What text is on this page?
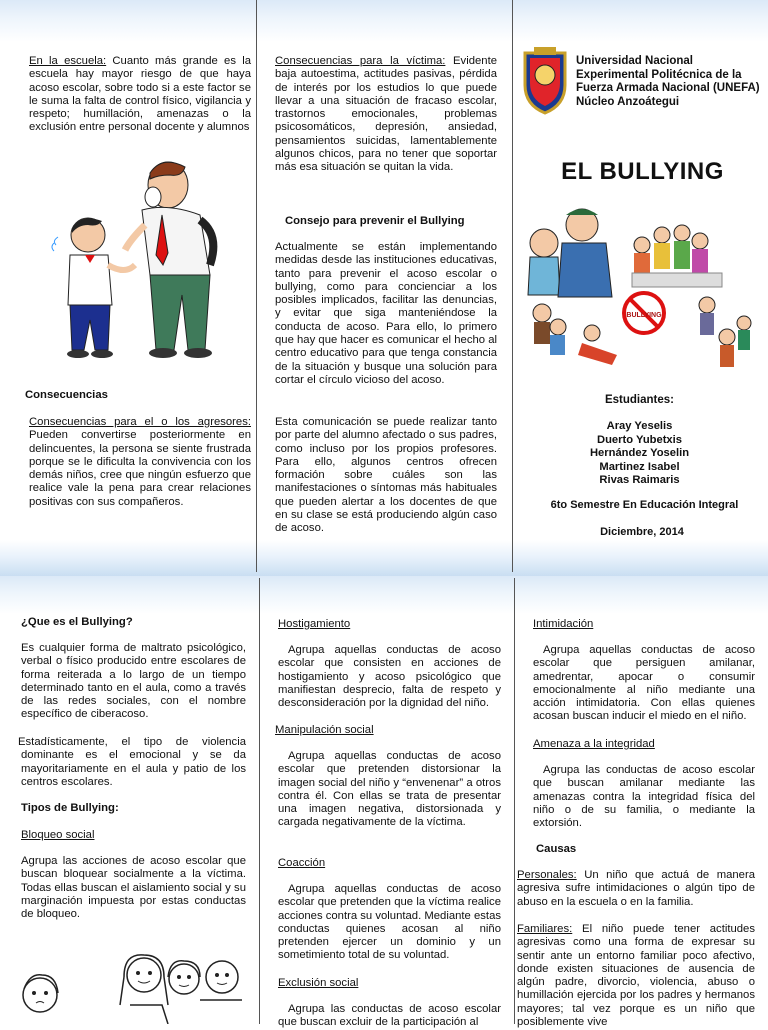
En la escuela: Cuanto más grande es la escuela hay mayor riesgo de que haya acoso escolar, sobre todo si a este factor se le suma la falta de control físico, vigilancia y respeto; humillación, amenazas o la exclusión entre personal docente y alumnos
Consecuencias
Consecuencias para el o los agresores: Pueden convertirse posteriormente en delincuentes, la persona se siente frustrada porque se le dificulta la convivencia con los demás niños, cree que ningún esfuerzo que realice vale la pena para crear relaciones positivas con sus compañeros.
Consecuencias para la víctima: Evidente baja autoestima, actitudes pasivas, pérdida de interés por los estudios lo que puede llevar a una situación de fracaso escolar, trastornos emocionales, problemas psicosomáticos, depresión, ansiedad, pensamientos suicidas, lamentablemente algunos chicos, para no tener que soportar más esa situación se quitan la vida.
Consejo para prevenir el Bullying
Actualmente se están implementando medidas desde las instituciones educativas, tanto para prevenir el acoso escolar o bullying, como para concienciar a los posibles implicados, facilitar las denuncias, y evitar que siga manteniéndose la conducta de acoso. Para ello, lo primero que hay que hacer es comunicar el hecho al centro educativo para que tenga constancia de la situación y busque una solución para cortar el círculo vicioso del acoso.
Esta comunicación se puede realizar tanto por parte del alumno afectado o sus padres, como incluso por los propios profesores. Para ello, algunos centros ofrecen formación sobre cuáles son las manifestaciones o síntomas más habituales que pueden alertar a los docentes de que en su clase se está produciendo algún caso de acoso.
Universidad Nacional
Experimental Politécnica de la
Fuerza Armada Nacional (UNEFA)
Núcleo Anzoátegui
EL BULLYING
BULLYING
Estudiantes:
Aray Yeselis
Duerto Yubetxis
Hernández Yoselin
Martinez Isabel
Rivas Raimaris
6to Semestre En Educación Integral
Diciembre, 2014
¿Que es el Bullying?
Es cualquier forma de maltrato psicológico, verbal o físico producido entre escolares de forma reiterada a lo largo de un tiempo determinado tanto en el aula, como a través de las redes sociales, con el nombre específico de ciberacoso.
Estadísticamente, el tipo de violencia dominante es el emocional y se da mayoritariamente en el aula y patio de los centros escolares.
Tipos de Bullying:
Bloqueo social
Agrupa las acciones de acoso escolar que buscan bloquear socialmente a la víctima. Todas ellas buscan el aislamiento social y su marginación impuesta por estas conductas de bloqueo.
Hostigamiento
Agrupa aquellas conductas de acoso escolar que consisten en acciones de hostigamiento y acoso psicológico que manifiestan desprecio, falta de respeto y desconsideración por la dignidad del niño.
Manipulación social
Agrupa aquellas conductas de acoso escolar que pretenden distorsionar la imagen social del niño y “envenenar” a otros contra él. Con ellas se trata de presentar una imagen negativa, distorsionada y cargada negativamente de la víctima.
Coacción
Agrupa aquellas conductas de acoso escolar que pretenden que la víctima realice acciones contra su voluntad. Mediante estas conductas quienes acosan al niño pretenden ejercer un dominio y un sometimiento total de su voluntad.
Exclusión social
Agrupa las conductas de acoso escolar que buscan excluir de la participación al
Intimidación
Agrupa aquellas conductas de acoso escolar que persiguen amilanar, amedrentar, apocar o consumir emocionalmente al niño mediante una acción intimidatoria. Con ellas quienes acosan buscan inducir el miedo en el niño.
Amenaza a la integridad
Agrupa las conductas de acoso escolar que buscan amilanar mediante las amenazas contra la integridad física del niño o de su familia, o mediante la extorsión.
Causas
Personales: Un niño que actuá de manera agresiva sufre intimidaciones o algún tipo de abuso en la escuela o en la familia.
Familiares: El niño puede tener actitudes agresivas como una forma de expresar su sentir ante un entorno familiar poco afectivo, donde existen situaciones de ausencia de algún padre, divorcio, violencia, abuso o humillación ejercida por los padres y hermanos mayores; tal vez porque es un niño que posiblemente vive
